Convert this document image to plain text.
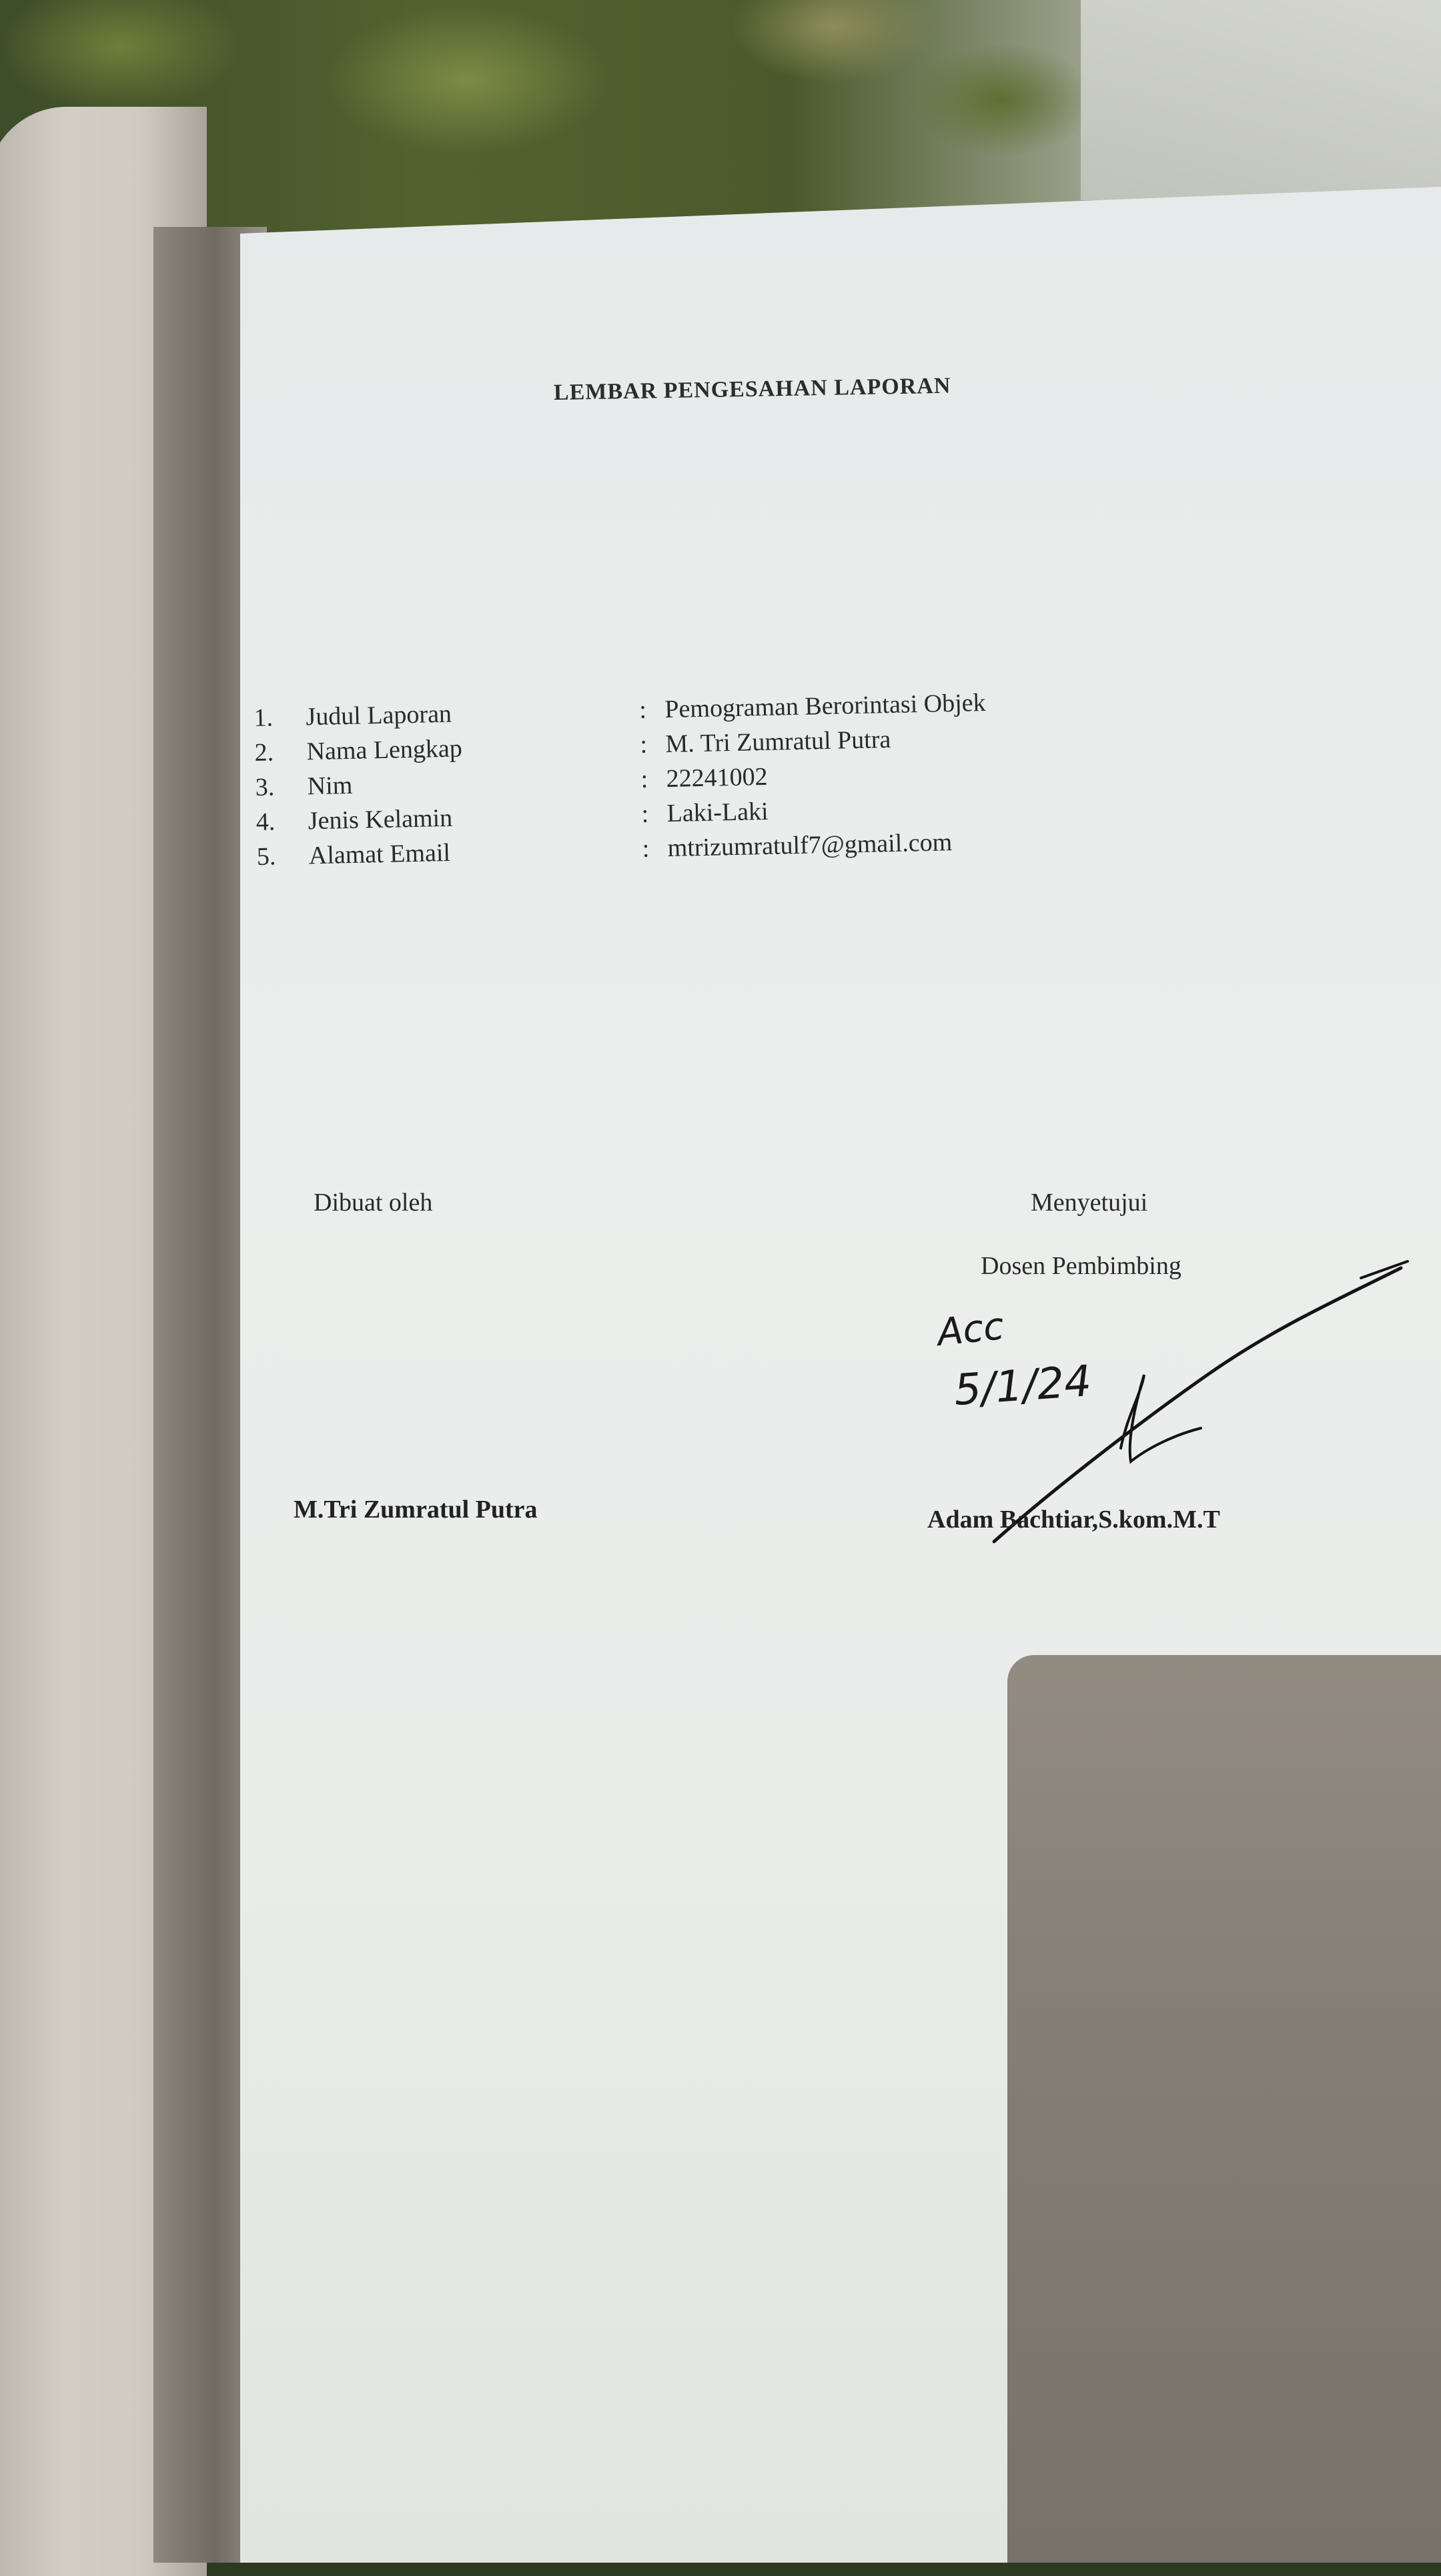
LEMBAR PENGESAHAN LAPORAN
1.	Judul Laporan	: Pemograman Berorintasi Objek
2.	Nama Lengkap	: M. Tri Zumratul Putra
3.	Nim	: 22241002
4.	Jenis Kelamin	: Laki-Laki
5.	Alamat Email	: mtrizumratulf7@gmail.com
Dibuat oleh
M.Tri Zumratul Putra
Menyetujui
Dosen Pembimbing
Acc
5/1/24
Adam Bachtiar,S.kom.M.T
